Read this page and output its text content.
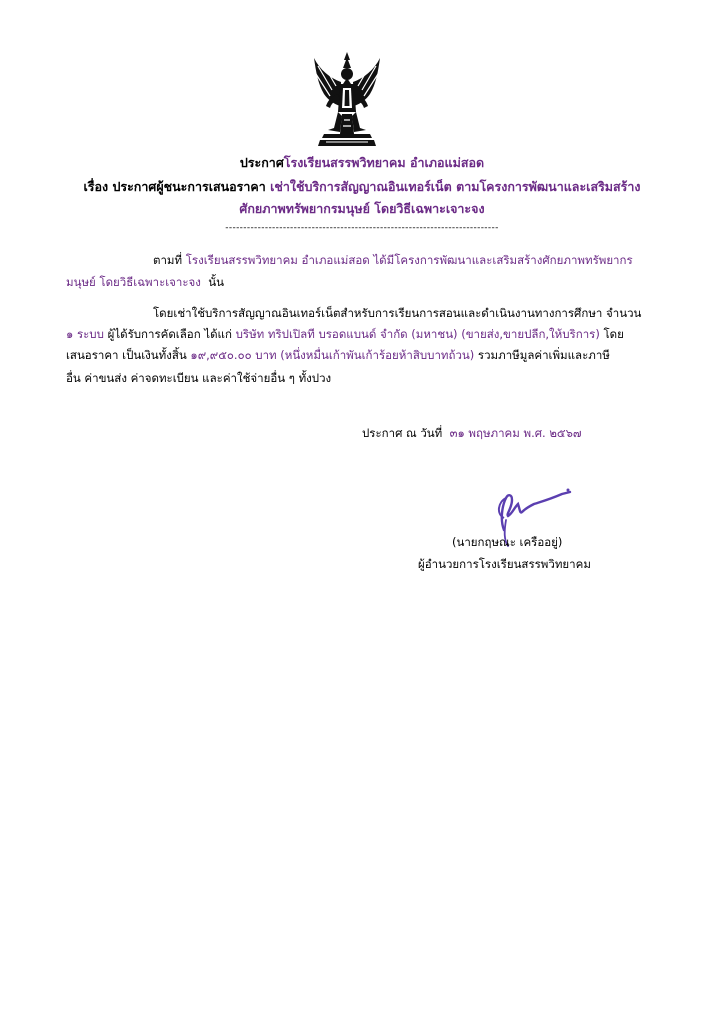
ประกาศโรงเรียนสรรพวิทยาคม อำเภอแม่สอด
เรื่อง ประกาศผู้ชนะการเสนอราคา เช่าใช้บริการสัญญาณอินเทอร์เน็ต ตามโครงการพัฒนาและเสริมสร้าง
ศักยภาพทรัพยากรมนุษย์ โดยวิธีเฉพาะเจาะจง
----------------------------------------------------------------------------
ตามที่ โรงเรียนสรรพวิทยาคม อำเภอแม่สอด ได้มีโครงการพัฒนาและเสริมสร้างศักยภาพทรัพยากร
มนุษย์ โดยวิธีเฉพาะเจาะจง นั้น
โดยเช่าใช้บริการสัญญาณอินเทอร์เน็ตสำหรับการเรียนการสอนและดำเนินงานทางการศึกษา จำนวน
๑ ระบบ ผู้ได้รับการคัดเลือก ได้แก่ บริษัท ทริปเปิลที บรอดแบนด์ จำกัด (มหาชน) (ขายส่ง,ขายปลีก,ให้บริการ) โดย
เสนอราคา เป็นเงินทั้งสิ้น ๑๙,๙๕๐.๐๐ บาท (หนึ่งหมื่นเก้าพันเก้าร้อยห้าสิบบาทถ้วน) รวมภาษีมูลค่าเพิ่มและภาษี
อื่น ค่าขนส่ง ค่าจดทะเบียน และค่าใช้จ่ายอื่น ๆ ทั้งปวง
ประกาศ ณ วันที่ ๓๑ พฤษภาคม พ.ศ. ๒๕๖๗
(นายกฤษณะ เครืออยู่)
ผู้อำนวยการโรงเรียนสรรพวิทยาคม
